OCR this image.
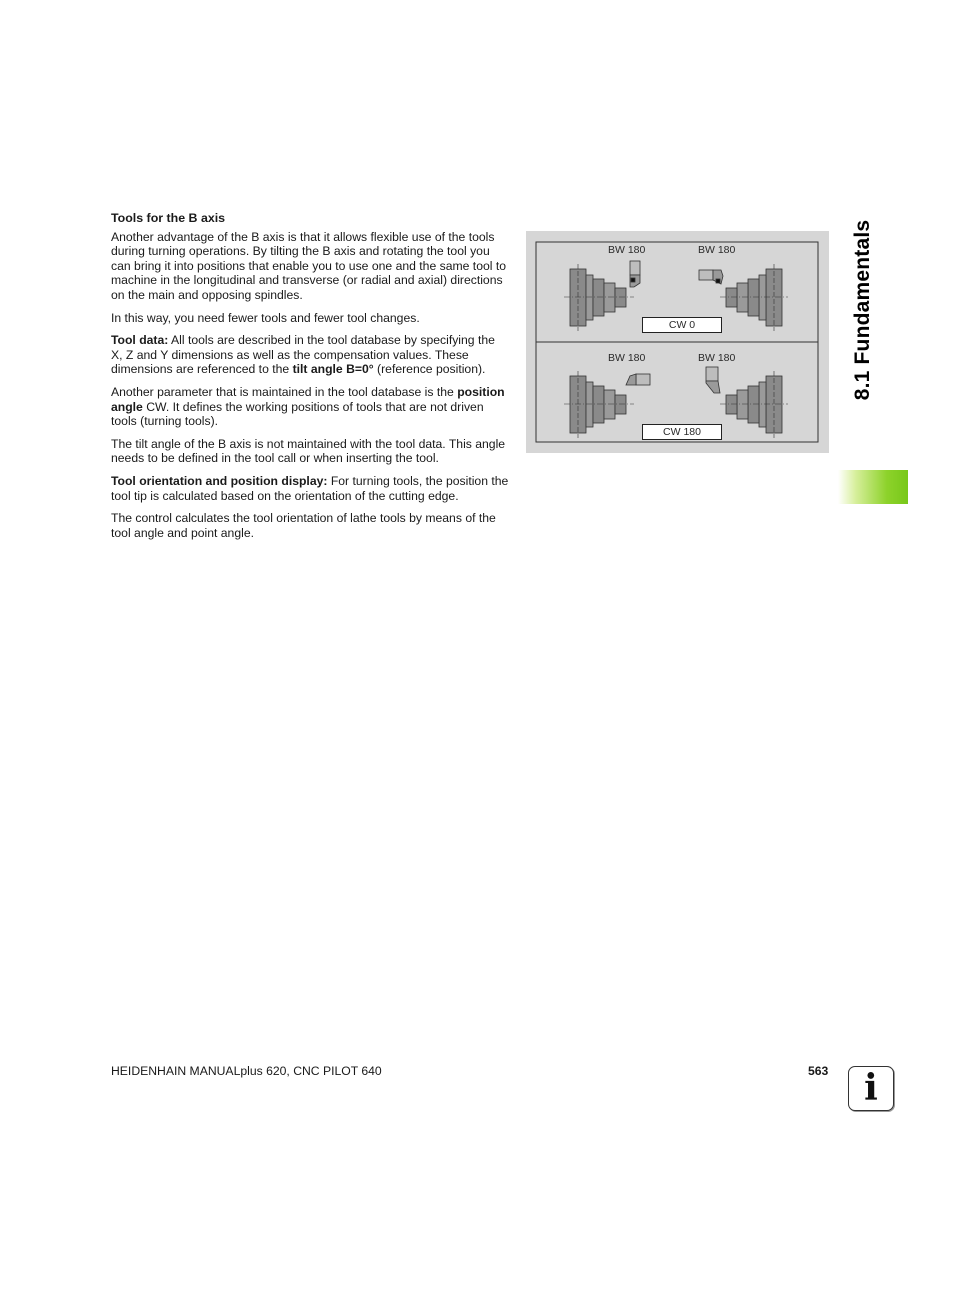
Tools for the B axis

Another advantage of the B axis is that it allows flexible use of the tools during turning operations. By tilting the B axis and rotating the tool you can bring it into positions that enable you to use one and the same tool to machine in the longitudinal and transverse (or radial and axial) directions on the main and opposing spindles.

In this way, you need fewer tools and fewer tool changes.

Tool data: All tools are described in the tool database by specifying the X, Z and Y dimensions as well as the compensation values. These dimensions are referenced to the tilt angle B=0° (reference position).

Another parameter that is maintained in the tool database is the position angle CW. It defines the working positions of tools that are not driven tools (turning tools).

The tilt angle of the B axis is not maintained with the tool data. This angle needs to be defined in the tool call or when inserting the tool.

Tool orientation and position display: For turning tools, the position the tool tip is calculated based on the orientation of the cutting edge.

The control calculates the tool orientation of lathe tools by means of the tool angle and point angle.

BW 180	BW 180
CW 0
BW 180	BW 180
CW 180
8.1 Fundamentals
HEIDENHAIN MANUALplus 620, CNC PILOT 640	563 i
